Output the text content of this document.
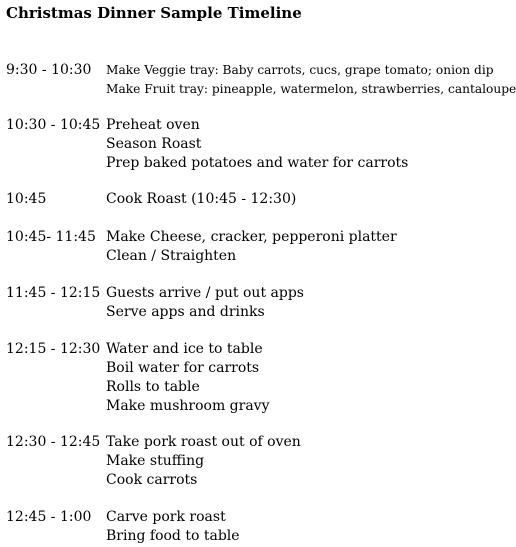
Christmas Dinner Sample Timeline
9:30 - 10:30 Make Veggie tray: Baby carrots, cucs, grape tomato; onion dip
Make Fruit tray: pineapple, watermelon, strawberries, cantaloupe
10:30 - 10:45 Preheat oven
Season Roast
Prep baked potatoes and water for carrots
10:45	Cook Roast (10:45 - 12:30)
10:45- 11:45 Make Cheese, cracker, pepperoni platter
Clean / Straighten
11:45 - 12:15 Guests arrive / put out apps
Serve apps and drinks
12:15 - 12:30 Water and ice to table
Boil water for carrots
Rolls to table
Make mushroom gravy
12:30 - 12:45 Take pork roast out of oven
Make stuffing
Cook carrots
12:45 - 1:00 Carve pork roast
Bring food to table
